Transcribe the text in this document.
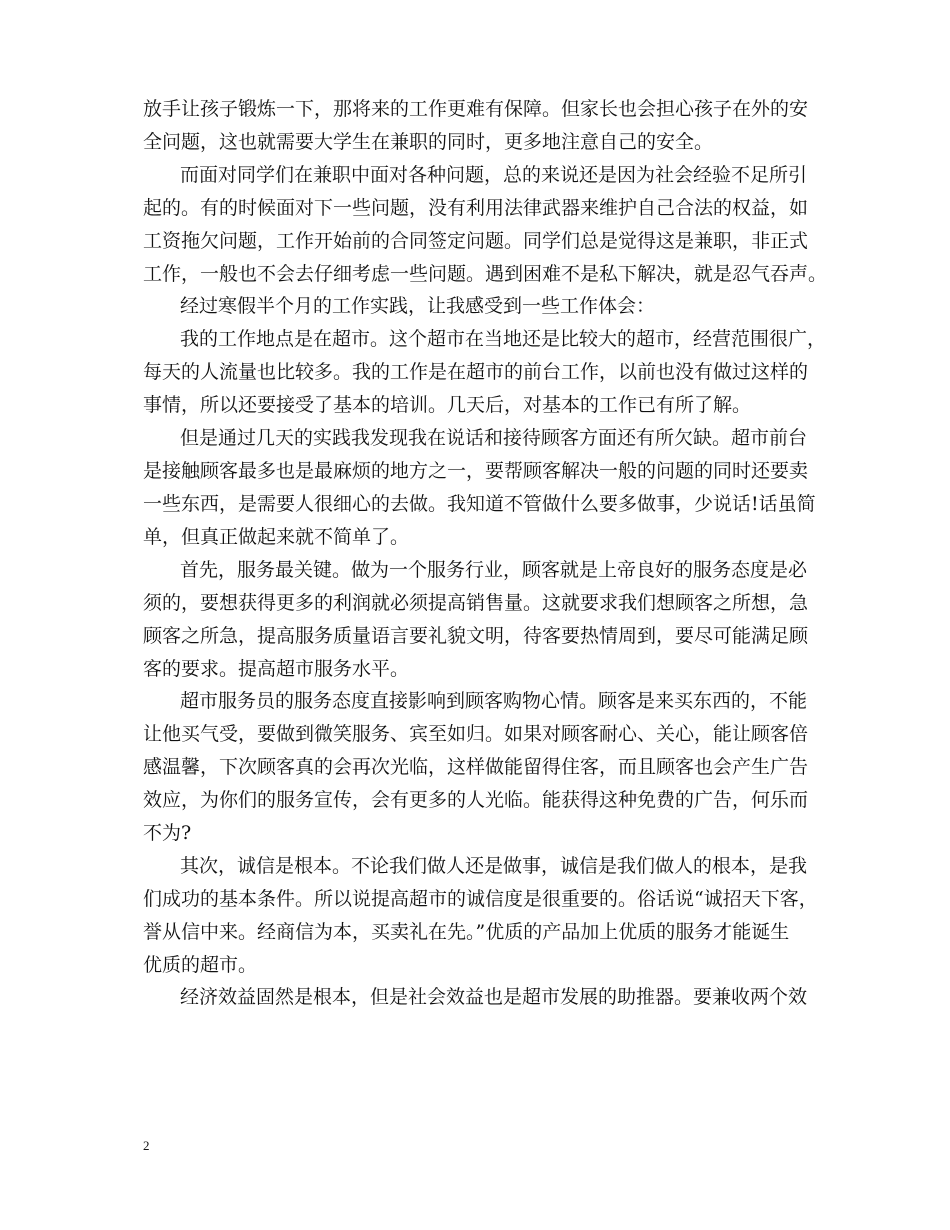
放手让孩子锻炼一下，那将来的工作更难有保障。但家长也会担心孩子在外的安
全问题，这也就需要大学生在兼职的同时，更多地注意自己的安全。
而面对同学们在兼职中面对各种问题，总的来说还是因为社会经验不足所引
起的。有的时候面对下一些问题，没有利用法律武器来维护自己合法的权益，如
工资拖欠问题，工作开始前的合同签定问题。同学们总是觉得这是兼职，非正式
工作，一般也不会去仔细考虑一些问题。遇到困难不是私下解决，就是忍气吞声。
经过寒假半个月的工作实践，让我感受到一些工作体会：
我的工作地点是在超市。这个超市在当地还是比较大的超市，经营范围很广，
每天的人流量也比较多。我的工作是在超市的前台工作，以前也没有做过这样的
事情，所以还要接受了基本的培训。几天后，对基本的工作已有所了解。
但是通过几天的实践我发现我在说话和接待顾客方面还有所欠缺。超市前台
是接触顾客最多也是最麻烦的地方之一，要帮顾客解决一般的问题的同时还要卖
一些东西，是需要人很细心的去做。我知道不管做什么要多做事，少说话!话虽简
单，但真正做起来就不简单了。
首先，服务最关键。做为一个服务行业，顾客就是上帝良好的服务态度是必
须的，要想获得更多的利润就必须提高销售量。这就要求我们想顾客之所想，急
顾客之所急，提高服务质量语言要礼貌文明，待客要热情周到，要尽可能满足顾
客的要求。提高超市服务水平。
超市服务员的服务态度直接影响到顾客购物心情。顾客是来买东西的，不能
让他买气受，要做到微笑服务、宾至如归。如果对顾客耐心、关心，能让顾客倍
感温馨，下次顾客真的会再次光临，这样做能留得住客，而且顾客也会产生广告
效应，为你们的服务宣传，会有更多的人光临。能获得这种免费的广告，何乐而
不为?
其次，诚信是根本。不论我们做人还是做事，诚信是我们做人的根本，是我
们成功的基本条件。所以说提高超市的诚信度是很重要的。俗话说“诚招天下客，
誉从信中来。经商信为本，买卖礼在先。”优质的产品加上优质的服务才能诞生
优质的超市。
经济效益固然是根本，但是社会效益也是超市发展的助推器。要兼收两个效
2
